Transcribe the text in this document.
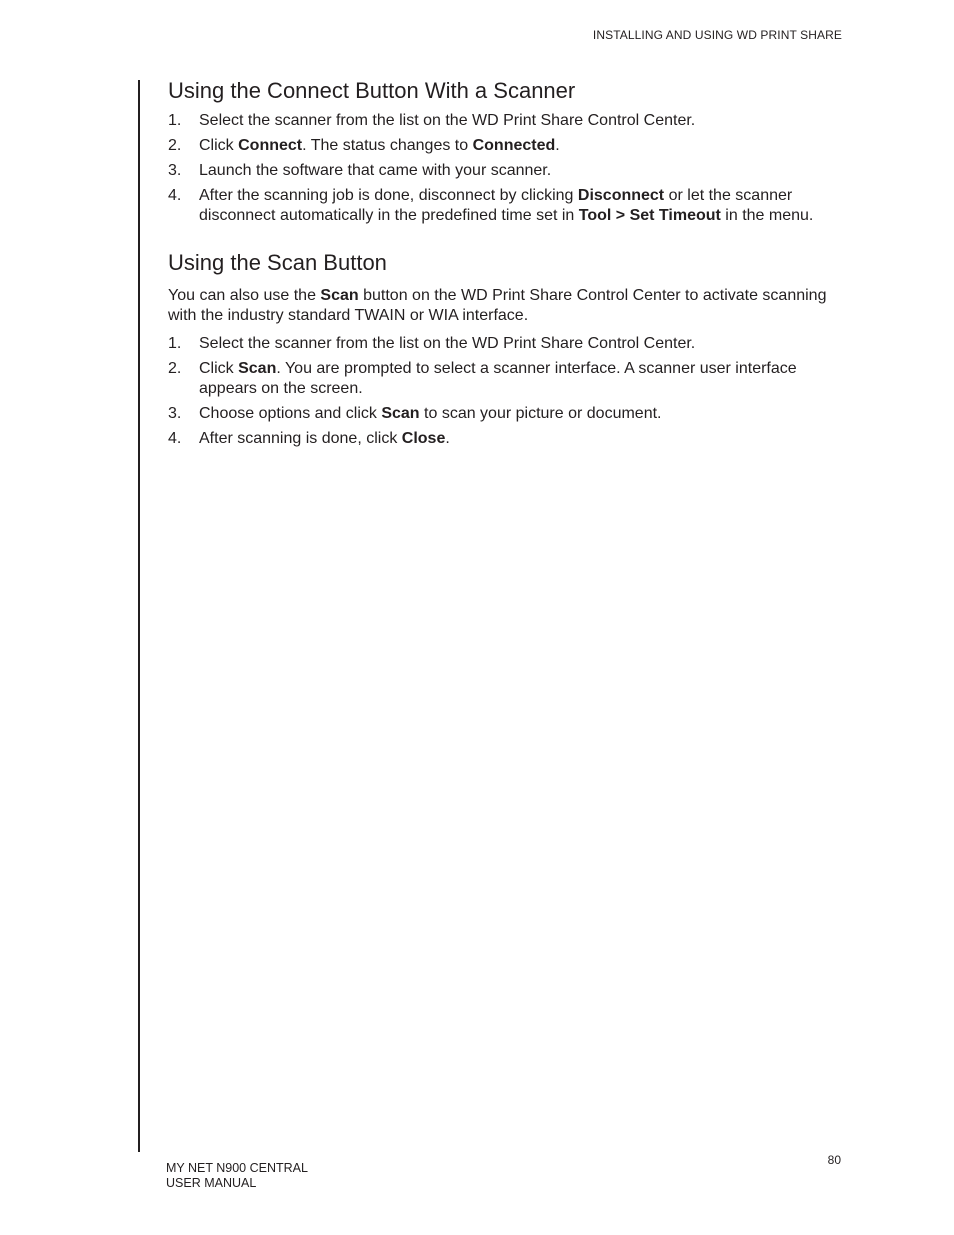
INSTALLING AND USING WD PRINT SHARE
Using the Connect Button With a Scanner
1. Select the scanner from the list on the WD Print Share Control Center.
2. Click Connect. The status changes to Connected.
3. Launch the software that came with your scanner.
4. After the scanning job is done, disconnect by clicking Disconnect or let the scanner disconnect automatically in the predefined time set in Tool > Set Timeout in the menu.
Using the Scan Button

You can also use the Scan button on the WD Print Share Control Center to activate scanning with the industry standard TWAIN or WIA interface.

1. Select the scanner from the list on the WD Print Share Control Center.
2. Click Scan. You are prompted to select a scanner interface. A scanner user interface appears on the screen.
3. Choose options and click Scan to scan your picture or document.
4. After scanning is done, click Close.
80
MY NET N900 CENTRAL
USER MANUAL
